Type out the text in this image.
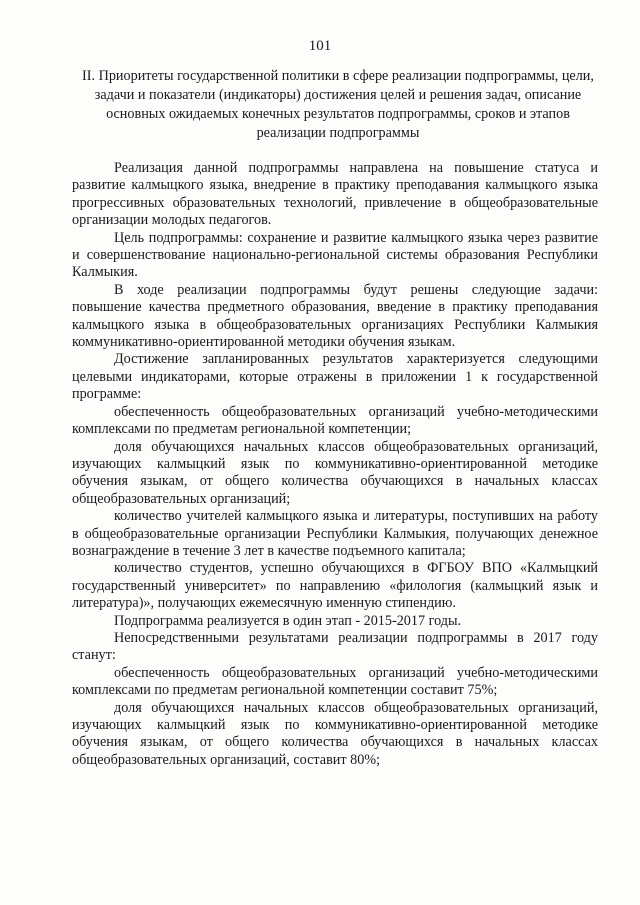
101
II. Приоритеты государственной политики в сфере реализации подпрограммы, цели, задачи и показатели (индикаторы) достижения целей и решения задач, описание основных ожидаемых конечных результатов подпрограммы, сроков и этапов реализации подпрограммы

Реализация данной подпрограммы направлена на повышение статуса и развитие калмыцкого языка, внедрение в практику преподавания калмыцкого языка прогрессивных образовательных технологий, привлечение в общеобразовательные организации молодых педагогов.

Цель подпрограммы: сохранение и развитие калмыцкого языка через развитие и совершенствование национально-региональной системы образования Республики Калмыкия.

В ходе реализации подпрограммы будут решены следующие задачи: повышение качества предметного образования, введение в практику преподавания калмыцкого языка в общеобразовательных организациях Республики Калмыкия коммуникативно-ориентированной методики обучения языкам.

Достижение запланированных результатов характеризуется следующими целевыми индикаторами, которые отражены в приложении 1 к государственной программе:

обеспеченность общеобразовательных организаций учебно-методическими комплексами по предметам региональной компетенции;

доля обучающихся начальных классов общеобразовательных организаций, изучающих калмыцкий язык по коммуникативно-ориентированной методике обучения языкам, от общего количества обучающихся в начальных классах общеобразовательных организаций;

количество учителей калмыцкого языка и литературы, поступивших на работу в общеобразовательные организации Республики Калмыкия, получающих денежное вознаграждение в течение 3 лет в качестве подъемного капитала;

количество студентов, успешно обучающихся в ФГБОУ ВПО «Калмыцкий государственный университет» по направлению «филология (калмыцкий язык и литература)», получающих ежемесячную именную стипендию.

Подпрограмма реализуется в один этап - 2015-2017 годы.

Непосредственными результатами реализации подпрограммы в 2017 году станут:

обеспеченность общеобразовательных организаций учебно-методическими комплексами по предметам региональной компетенции составит 75%;

доля обучающихся начальных классов общеобразовательных организаций, изучающих калмыцкий язык по коммуникативно-ориентированной методике обучения языкам, от общего количества обучающихся в начальных классах общеобразовательных организаций, составит 80%;
